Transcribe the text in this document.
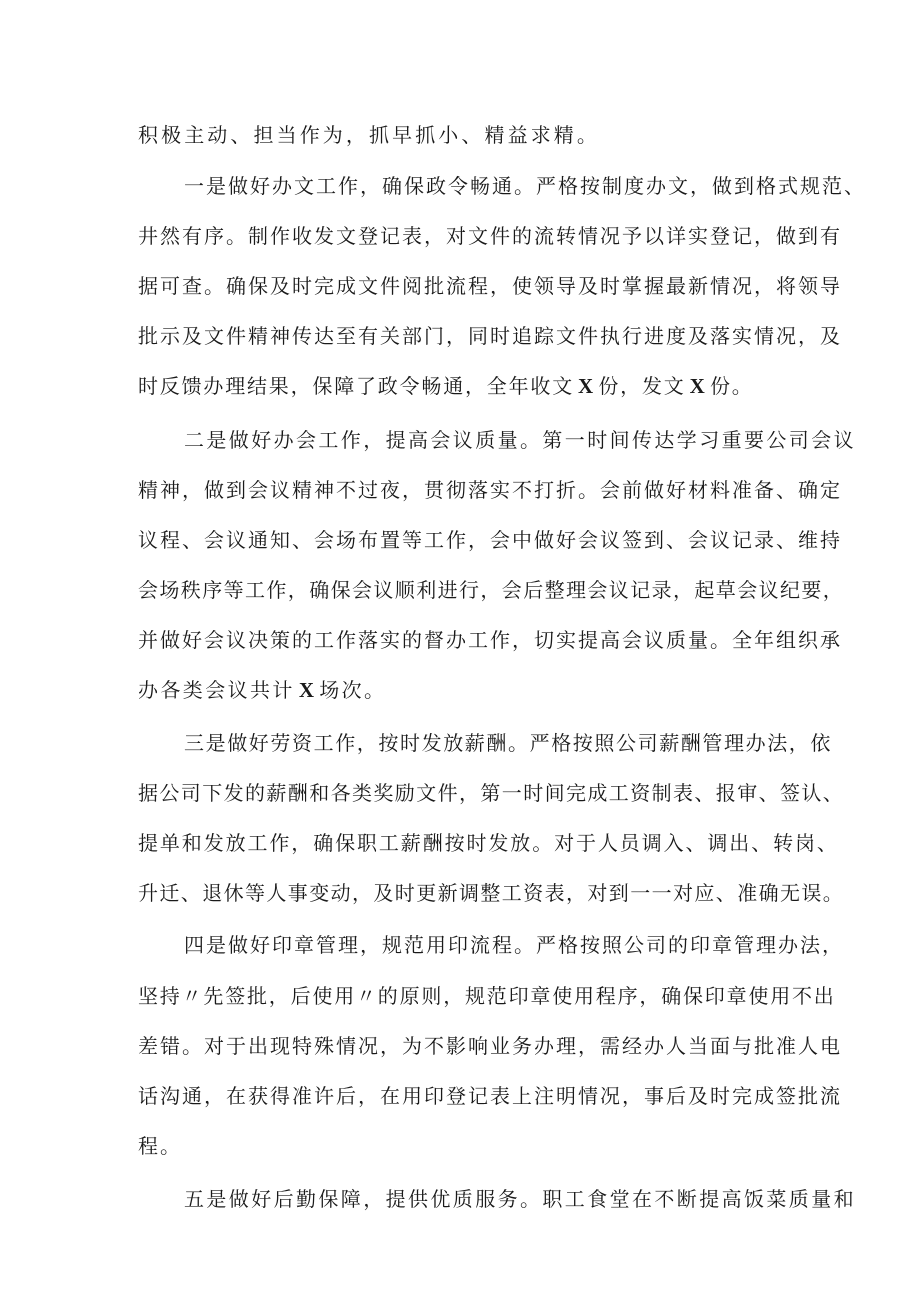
积极主动、担当作为，抓早抓小、精益求精。
一是做好办文工作，确保政令畅通。严格按制度办文，做到格式规范、
井然有序。制作收发文登记表，对文件的流转情况予以详实登记，做到有
据可查。确保及时完成文件阅批流程，使领导及时掌握最新情况，将领导
批示及文件精神传达至有关部门，同时追踪文件执行进度及落实情况，及
时反馈办理结果，保障了政令畅通，全年收文 X 份，发文 X 份。
二是做好办会工作，提高会议质量。第一时间传达学习重要公司会议
精神，做到会议精神不过夜，贯彻落实不打折。会前做好材料准备、确定
议程、会议通知、会场布置等工作，会中做好会议签到、会议记录、维持
会场秩序等工作，确保会议顺利进行，会后整理会议记录，起草会议纪要，
并做好会议决策的工作落实的督办工作，切实提高会议质量。全年组织承
办各类会议共计 X 场次。
三是做好劳资工作，按时发放薪酬。严格按照公司薪酬管理办法，依
据公司下发的薪酬和各类奖励文件，第一时间完成工资制表、报审、签认、
提单和发放工作，确保职工薪酬按时发放。对于人员调入、调出、转岗、
升迁、退休等人事变动，及时更新调整工资表，对到一一对应、准确无误。
四是做好印章管理，规范用印流程。严格按照公司的印章管理办法，
坚持〃先签批，后使用〃的原则，规范印章使用程序，确保印章使用不出
差错。对于出现特殊情况，为不影响业务办理，需经办人当面与批准人电
话沟通，在获得准许后，在用印登记表上注明情况，事后及时完成签批流
程。
五是做好后勤保障，提供优质服务。职工食堂在不断提高饭菜质量和
